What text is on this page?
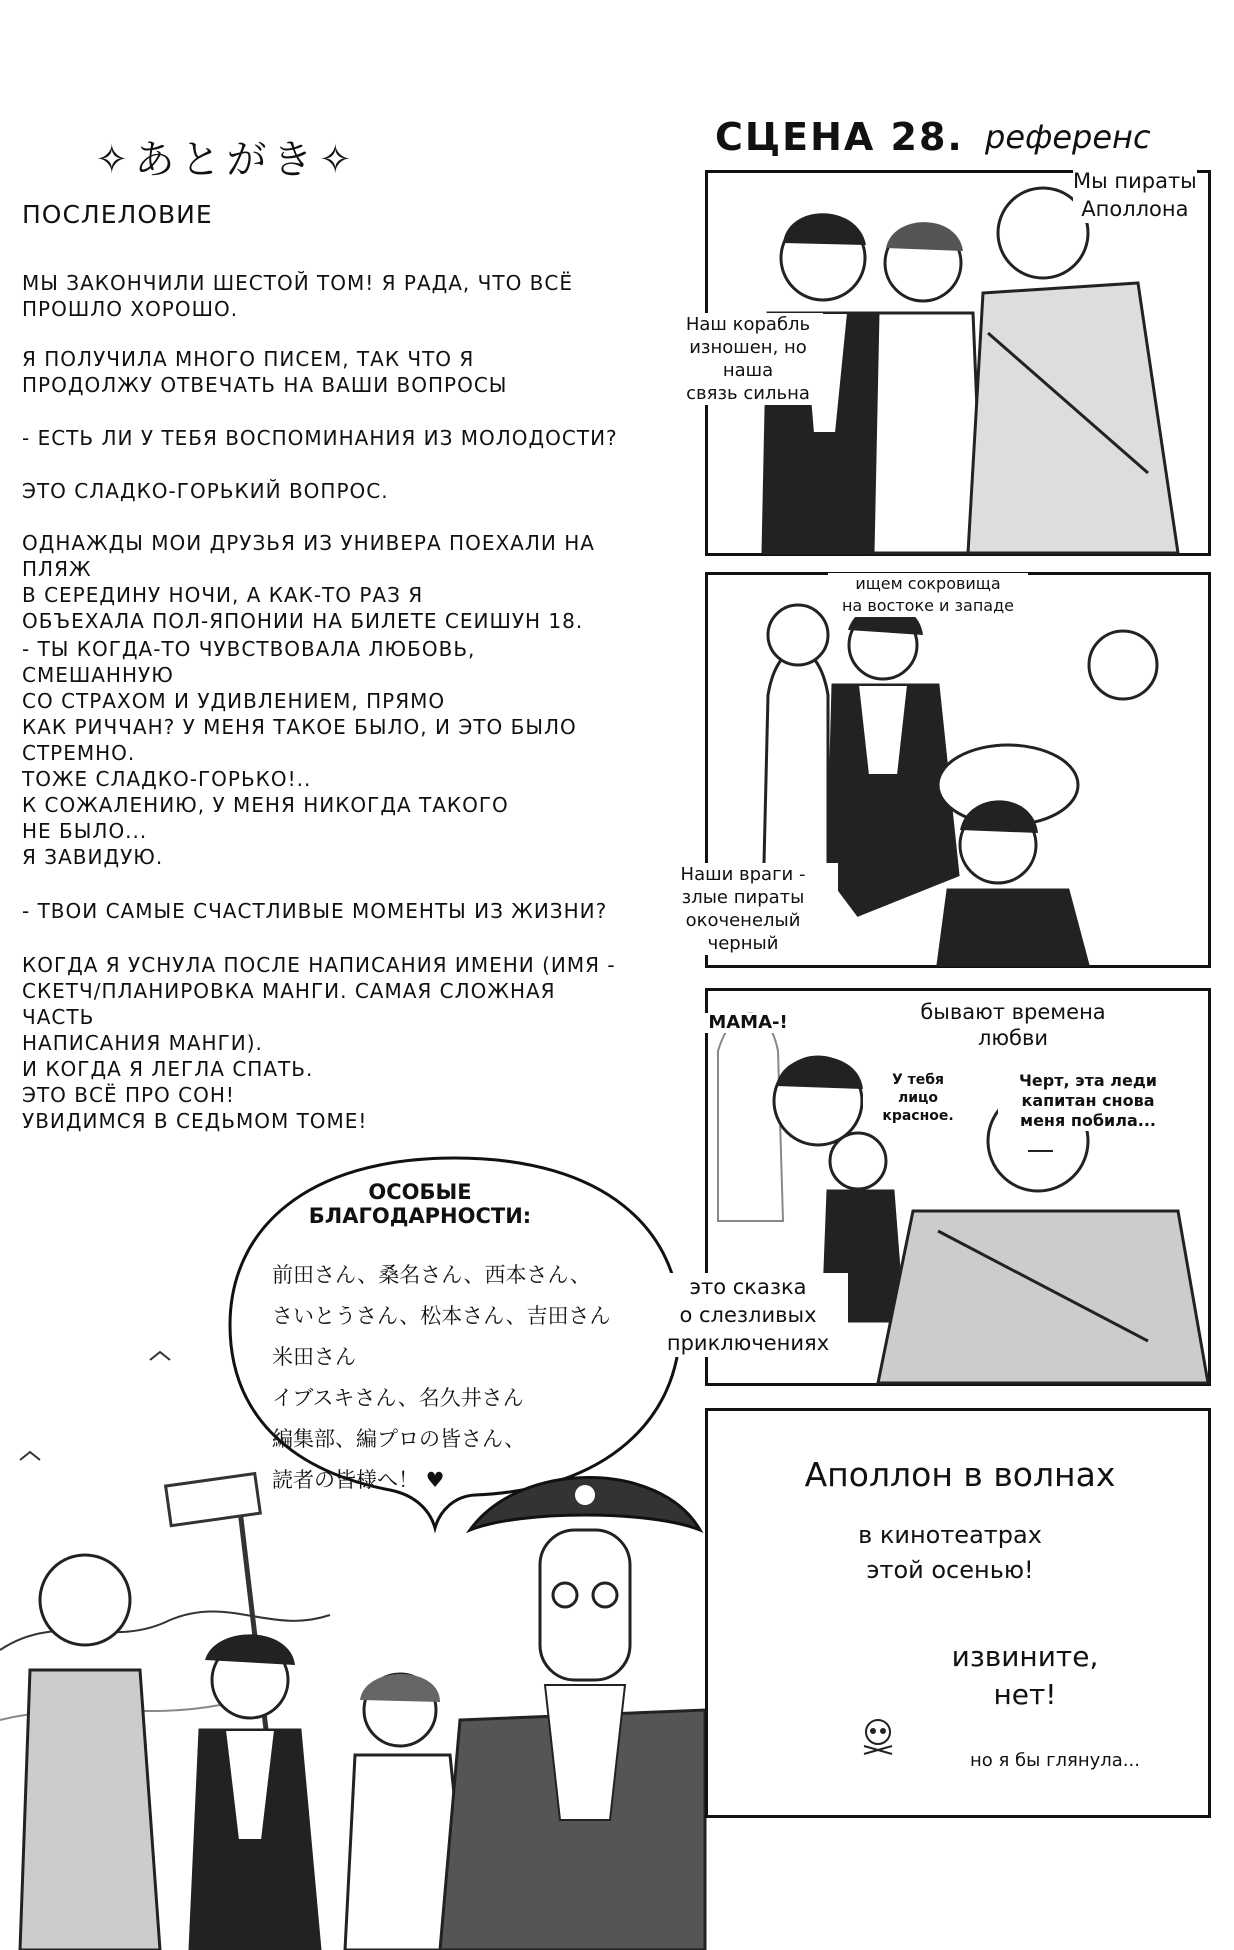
✧あとがき✧
ПОСЛЕЛОВИЕ
МЫ ЗАКОНЧИЛИ ШЕСТОЙ ТОМ! Я РАДА, ЧТО ВСЁ
ПРОШЛО ХОРОШО.
Я ПОЛУЧИЛА МНОГО ПИСЕМ, ТАК ЧТО Я
ПРОДОЛЖУ ОТВЕЧАТЬ НА ВАШИ ВОПРОСЫ
- ЕСТЬ ЛИ У ТЕБЯ ВОСПОМИНАНИЯ ИЗ МОЛОДОСТИ?
ЭТО СЛАДКО-ГОРЬКИЙ ВОПРОС.
ОДНАЖДЫ МОИ ДРУЗЬЯ ИЗ УНИВЕРА ПОЕХАЛИ НА ПЛЯЖ
В СЕРЕДИНУ НОЧИ, А КАК-ТО РАЗ Я
ОБЪЕХАЛА ПОЛ-ЯПОНИИ НА БИЛЕТЕ СЕИШУН 18.
- ТЫ КОГДА-ТО ЧУВСТВОВАЛА ЛЮБОВЬ, СМЕШАННУЮ
СО СТРАХОМ И УДИВЛЕНИЕМ, ПРЯМО
КАК РИЧЧАН? У МЕНЯ ТАКОЕ БЫЛО, И ЭТО БЫЛО
СТРЕМНО.
ТОЖЕ СЛАДКО-ГОРЬКО!..
К СОЖАЛЕНИЮ, У МЕНЯ НИКОГДА ТАКОГО
НЕ БЫЛО...
Я ЗАВИДУЮ.
- ТВОИ САМЫЕ СЧАСТЛИВЫЕ МОМЕНТЫ ИЗ ЖИЗНИ?
КОГДА Я УСНУЛА ПОСЛЕ НАПИСАНИЯ ИМЕНИ (ИМЯ -
СКЕТЧ/ПЛАНИРОВКА МАНГИ. САМАЯ СЛОЖНАЯ ЧАСТЬ
НАПИСАНИЯ МАНГИ).
И КОГДА Я ЛЕГЛА СПАТЬ.
ЭТО ВСЁ ПРО СОН!
УВИДИМСЯ В СЕДЬМОМ ТОМЕ!
ОСОБЫЕ
БЛАГОДАРНОСТИ:
前田さん、桑名さん、西本さん、
さいとうさん、松本さん、吉田さん
米田さん
イブスキさん、名久井さん
編集部、編プロの皆さん、
読者の皆様へ！ ♥
СЦЕНА 28. референс
Мы пираты
Аполлона
Наш корабль
изношен, но
наша
связь сильна
ищем сокровища
на востоке и западе
Наши враги -
злые пираты
окоченелый черный
МАМА-!	бывают времена
любви
У тебя
лицо
красное.
Черт, эта леди
капитан снова
меня побила...
это сказка
о слезливых
приключениях
Аполлон в волнах
в кинотеатрах
этой осенью!
извините,
нет!
но я бы глянула...
